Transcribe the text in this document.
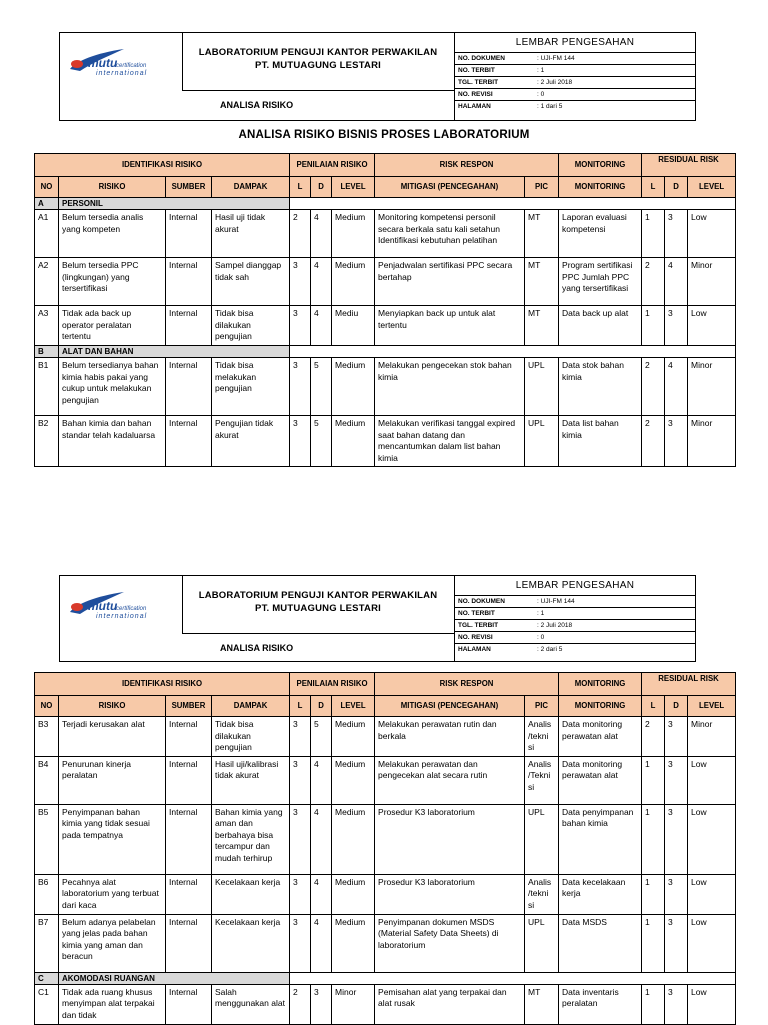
mutu
certification
international
LABORATORIUM PENGUJI KANTOR PERWAKILAN
PT. MUTUAGUNG LESTARI
ANALISA RISIKO
LEMBAR PENGESAHAN
NO. DOKUMEN	: UJI-FM 144
NO. TERBIT	: 1
TGL. TERBIT	: 2 Juli 2018
NO. REVISI	: 0
HALAMAN	: 1 dari 5
ANALISA RISIKO BISNIS PROSES LABORATORIUM
IDENTIFIKASI RISIKO				PENILAIAN RISIKO			RISK RESPON		MONITORING	RESIDUAL RISK		
NO	RISIKO	SUMBER	DAMPAK	L	D	LEVEL	MITIGASI (PENCEGAHAN)	PIC	MONITORING	L	D	LEVEL
A	PERSONIL											
A1	Belum tersedia analis yang kompeten	Internal	Hasil uji tidak akurat	2	4	Medium	Monitoring kompetensi personil secara berkala satu kali setahun Identifikasi kebutuhan pelatihan	MT	Laporan evaluasi kompetensi	1	3	Low
A2	Belum tersedia PPC (lingkungan) yang tersertifikasi	Internal	Sampel dianggap tidak sah	3	4	Medium	Penjadwalan sertifikasi PPC secara bertahap	MT	Program sertifikasi PPC Jumlah PPC yang tersertifikasi	2	4	Minor
A3	Tidak ada back up operator peralatan tertentu	Internal	Tidak bisa dilakukan pengujian	3	4	Mediu	Menyiapkan back up untuk alat tertentu	MT	Data back up alat	1	3	Low
B	ALAT DAN BAHAN											
B1	Belum tersedianya bahan kimia habis pakai yang cukup untuk melakukan pengujian	Internal	Tidak bisa melakukan pengujian	3	5	Medium	Melakukan pengecekan stok bahan kimia	UPL	Data stok bahan kimia	2	4	Minor
B2	Bahan kimia dan bahan standar telah kadaluarsa	Internal	Pengujian tidak akurat	3	5	Medium	Melakukan verifikasi tanggal expired saat bahan datang dan mencantumkan dalam list bahan kimia	UPL	Data list bahan kimia	2	3	Minor
mutu
certification
international
LABORATORIUM PENGUJI KANTOR PERWAKILAN
PT. MUTUAGUNG LESTARI
ANALISA RISIKO
LEMBAR PENGESAHAN
NO. DOKUMEN	: UJI-FM 144
NO. TERBIT	: 1
TGL. TERBIT	: 2 Juli 2018
NO. REVISI	: 0
HALAMAN	: 2 dari 5
IDENTIFIKASI RISIKO				PENILAIAN RISIKO			RISK RESPON		MONITORING	RESIDUAL RISK		
NO	RISIKO	SUMBER	DAMPAK	L	D	LEVEL	MITIGASI (PENCEGAHAN)	PIC	MONITORING	L	D	LEVEL
B3	Terjadi kerusakan alat	Internal	Tidak bisa dilakukan pengujian	3	5	Medium	Melakukan perawatan rutin dan berkala	Analis /tekni si	Data monitoring perawatan alat	2	3	Minor
B4	Penurunan kinerja peralatan	Internal	Hasil uji/kalibrasi tidak akurat	3	4	Medium	Melakukan perawatan dan pengecekan alat secara rutin	Analis /Tekni si	Data monitoring perawatan alat	1	3	Low
B5	Penyimpanan bahan kimia yang tidak sesuai pada tempatnya	Internal	Bahan kimia yang aman dan berbahaya bisa tercampur dan mudah terhirup	3	4	Medium	Prosedur K3 laboratorium	UPL	Data penyimpanan bahan kimia	1	3	Low
B6	Pecahnya alat laboratorium yang terbuat dari kaca	Internal	Kecelakaan kerja	3	4	Medium	Prosedur K3 laboratorium	Analis /tekni si	Data kecelakaan kerja	1	3	Low
B7	Belum adanya pelabelan yang jelas pada bahan kimia yang aman dan beracun	Internal	Kecelakaan kerja	3	4	Medium	Penyimpanan dokumen MSDS (Material Safety Data Sheets) di laboratorium	UPL	Data MSDS	1	3	Low
C	AKOMODASI RUANGAN											
C1	Tidak ada ruang khusus menyimpan alat terpakai dan tidak	Internal	Salah menggunakan alat	2	3	Minor	Pemisahan alat yang terpakai dan alat rusak	MT	Data inventaris peralatan	1	3	Low
